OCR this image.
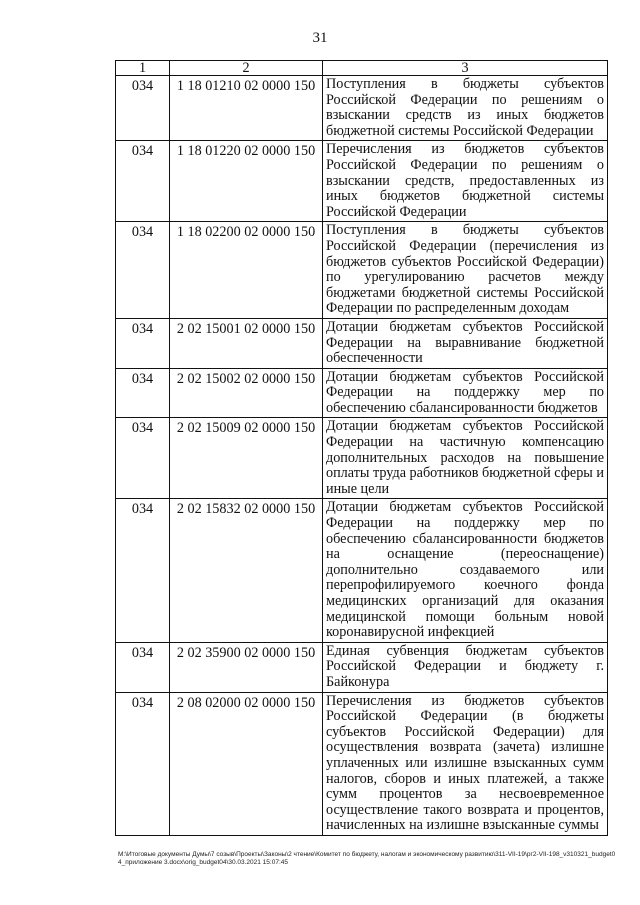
31
1	2	3
034	1 18 01210 02 0000 150	Поступления в бюджеты субъектов Российской Федерации по решениям о взыскании средств из иных бюджетов бюджетной системы Российской Федерации
034	1 18 01220 02 0000 150	Перечисления из бюджетов субъектов Российской Федерации по решениям о взыскании средств, предоставленных из иных бюджетов бюджетной системы Российской Федерации
034	1 18 02200 02 0000 150	Поступления в бюджеты субъектов Российской Федерации (перечисления из бюджетов субъектов Российской Федерации) по урегулированию расчетов между бюджетами бюджетной системы Российской Федерации по распределенным доходам
034	2 02 15001 02 0000 150	Дотации бюджетам субъектов Российской Федерации на выравнивание бюджетной обеспеченности
034	2 02 15002 02 0000 150	Дотации бюджетам субъектов Российской Федерации на поддержку мер по обеспечению сбалансированности бюджетов
034	2 02 15009 02 0000 150	Дотации бюджетам субъектов Российской Федерации на частичную компенсацию дополнительных расходов на повышение оплаты труда работников бюджетной сферы и иные цели
034	2 02 15832 02 0000 150	Дотации бюджетам субъектов Российской Федерации на поддержку мер по обеспечению сбалансированности бюджетов на оснащение (переоснащение) дополнительно создаваемого или перепрофилируемого коечного фонда медицинских организаций для оказания медицинской помощи больным новой коронавирусной инфекцией
034	2 02 35900 02 0000 150	Единая субвенция бюджетам субъектов Российской Федерации и бюджету г. Байконура
034	2 08 02000 02 0000 150	Перечисления из бюджетов субъектов Российской Федерации (в бюджеты субъектов Российской Федерации) для осуществления возврата (зачета) излишне уплаченных или излишне взысканных сумм налогов, сборов и иных платежей, а также сумм процентов за несвоевременное осуществление такого возврата и процентов, начисленных на излишне взысканные суммы
M:\Итоговые документы Думы\7 созыв\Проекты\Законы\2 чтение\Комитет по бюджету, налогам и экономическому развитию\311-VII-19\рг2-VII-198_v310321_budget04_приложение 3.docx\orig_budget04\30.03.2021 15:07:45
